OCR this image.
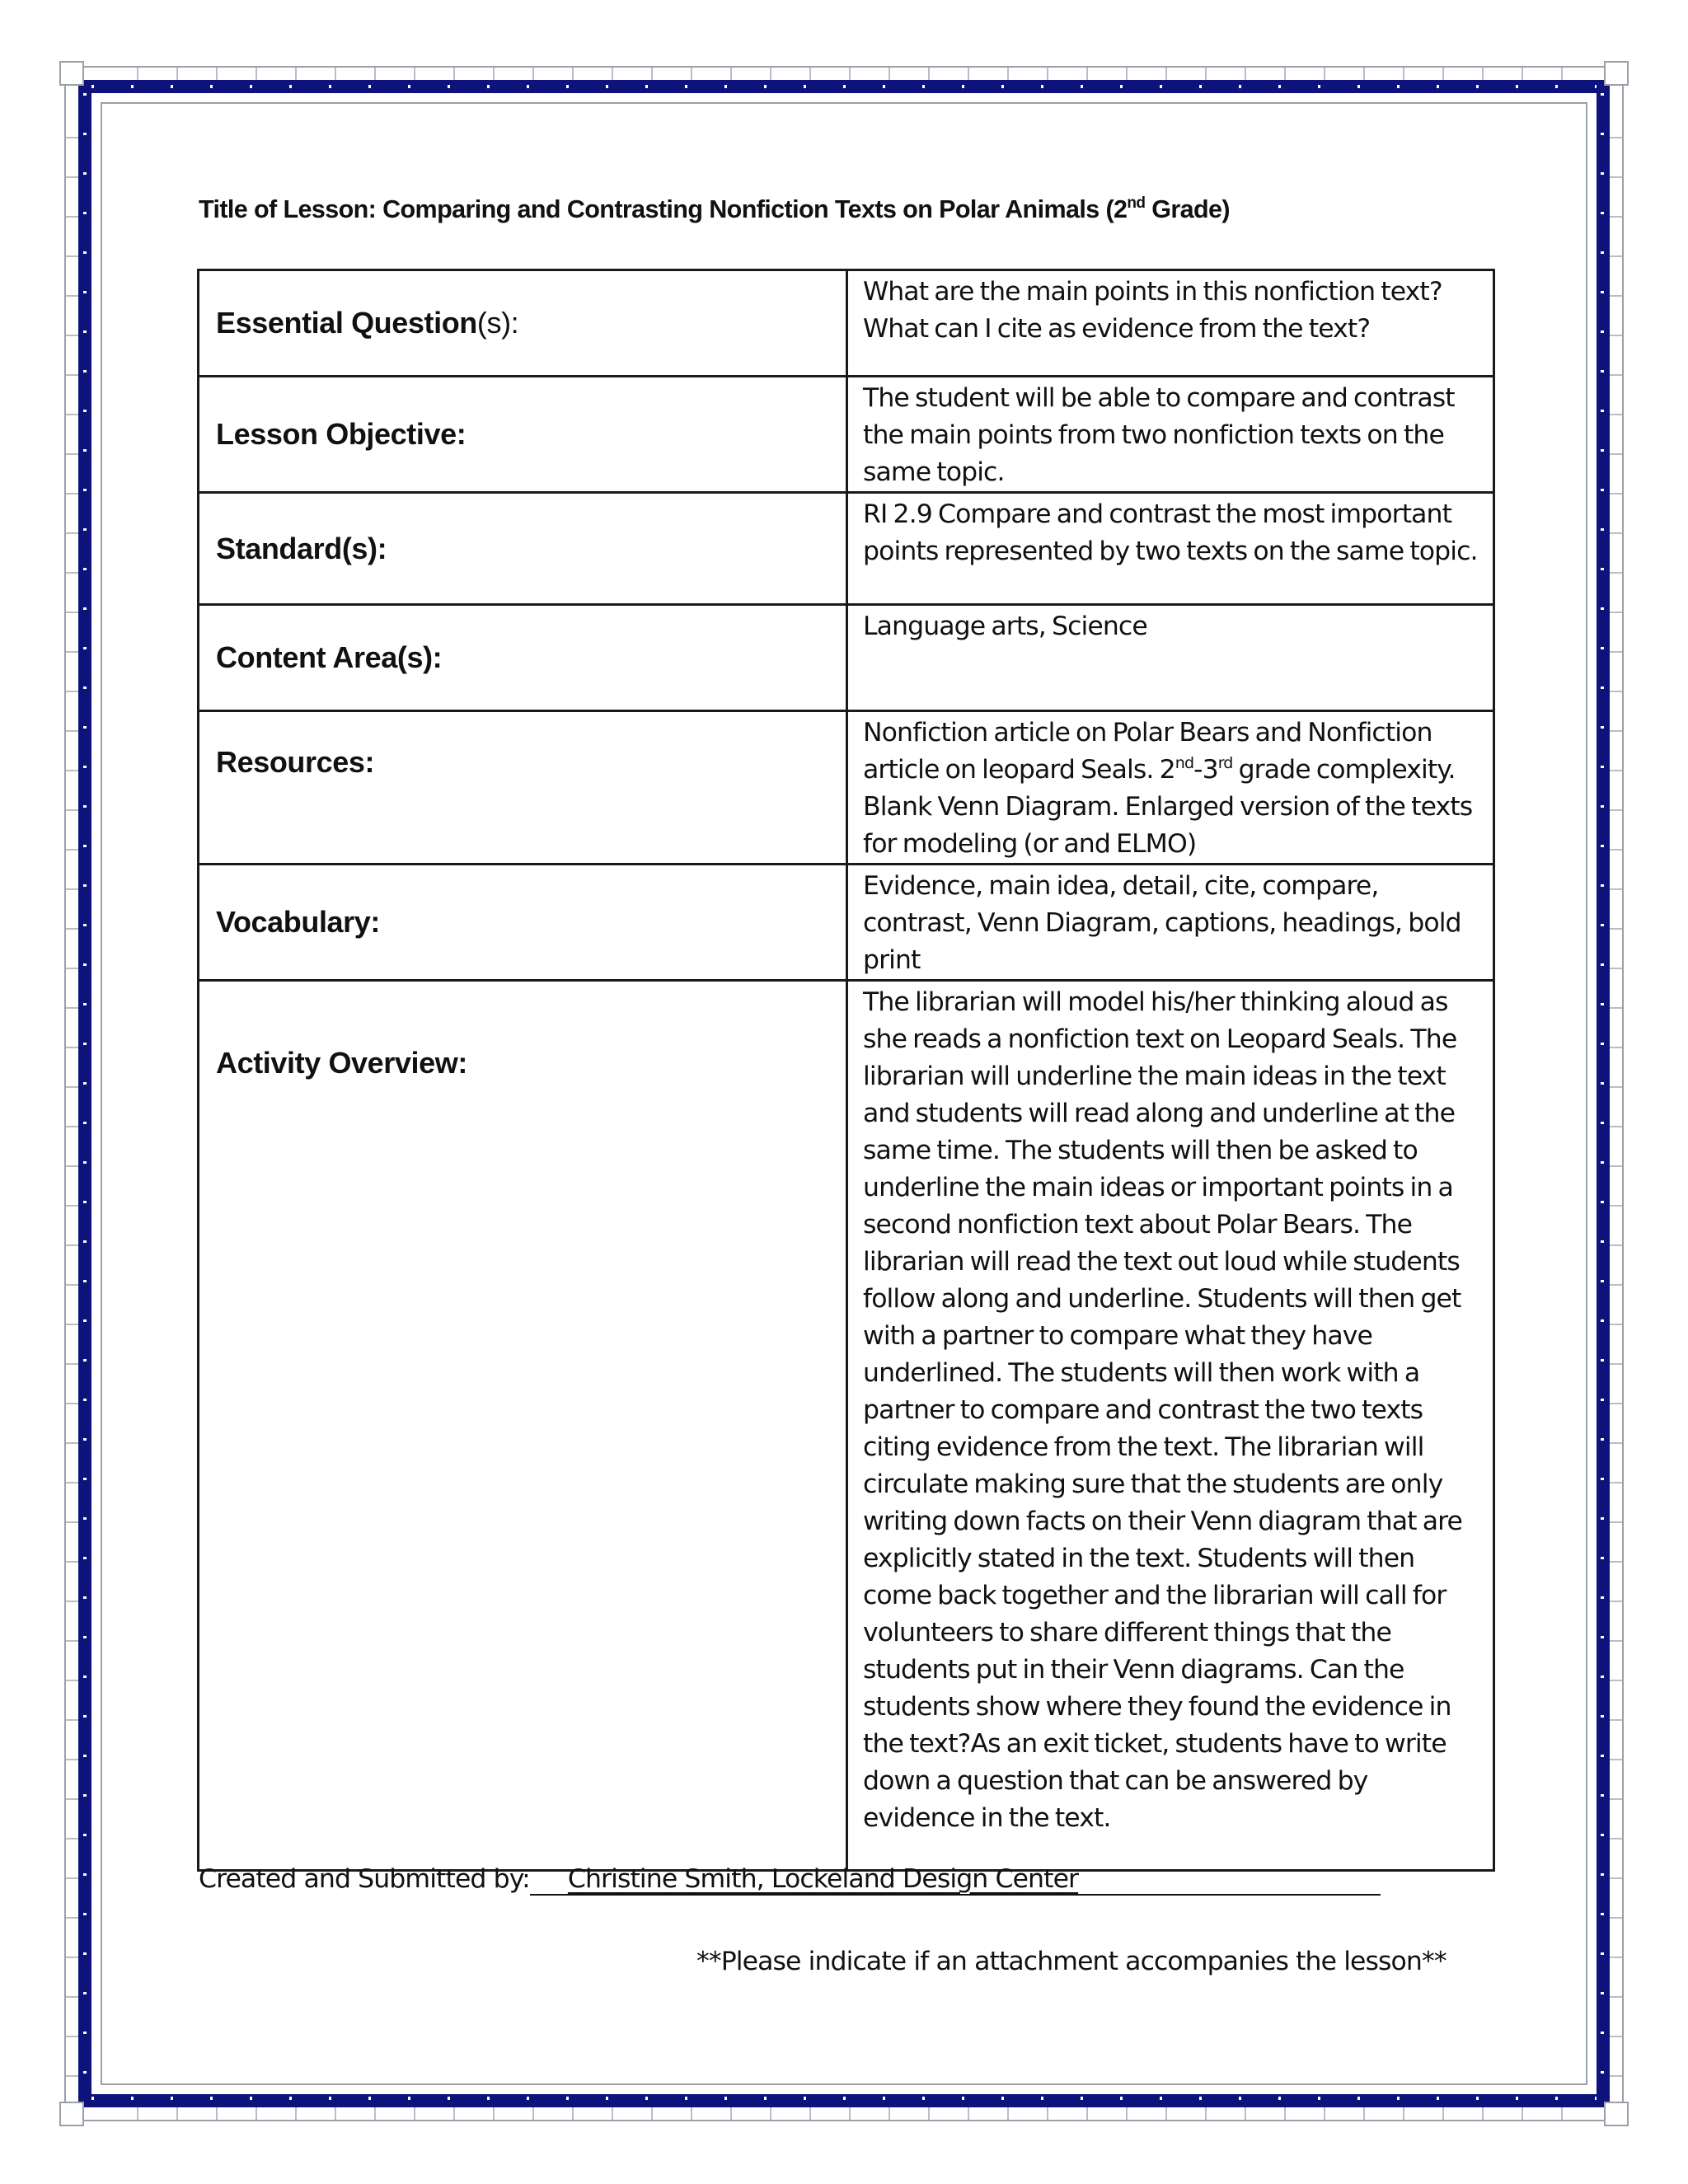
Title of Lesson: Comparing and Contrasting Nonfiction Texts on Polar Animals (2nd Grade)
Essential Question(s):	What are the main points in this nonfiction text?
What can I cite as evidence from the text?

Lesson Objective:	The student will be able to compare and contrast the main points from two nonfiction texts on the same topic.

Standard(s):	RI 2.9 Compare and contrast the most important points represented by two texts on the same topic.

Content Area(s):	Language arts, Science

Resources:	Nonfiction article on Polar Bears and Nonfiction article on leopard Seals. 2nd-3rd grade complexity. Blank Venn Diagram. Enlarged version of the texts for modeling (or and ELMO)

Vocabulary:	Evidence, main idea, detail, cite, compare, contrast, Venn Diagram, captions, headings, bold print

Activity Overview:	The librarian will model his/her thinking aloud as she reads a nonfiction text on Leopard Seals. The librarian will underline the main ideas in the text and students will read along and underline at the same time. The students will then be asked to underline the main ideas or important points in a second nonfiction text about Polar Bears. The librarian will read the text out loud while students follow along and underline. Students will then get with a partner to compare what they have underlined. The students will then work with a partner to compare and contrast the two texts citing evidence from the text. The librarian will circulate making sure that the students are only writing down facts on their Venn diagram that are explicitly stated in the text. Students will then come back together and the librarian will call for volunteers to share different things that the students put in their Venn diagrams. Can the students show where they found the evidence in the text?As an exit ticket, students have to write down a question that can be answered by evidence in the text.
Created and Submitted by: Christine Smith, Lockeland Design Center
**Please indicate if an attachment accompanies the lesson**
